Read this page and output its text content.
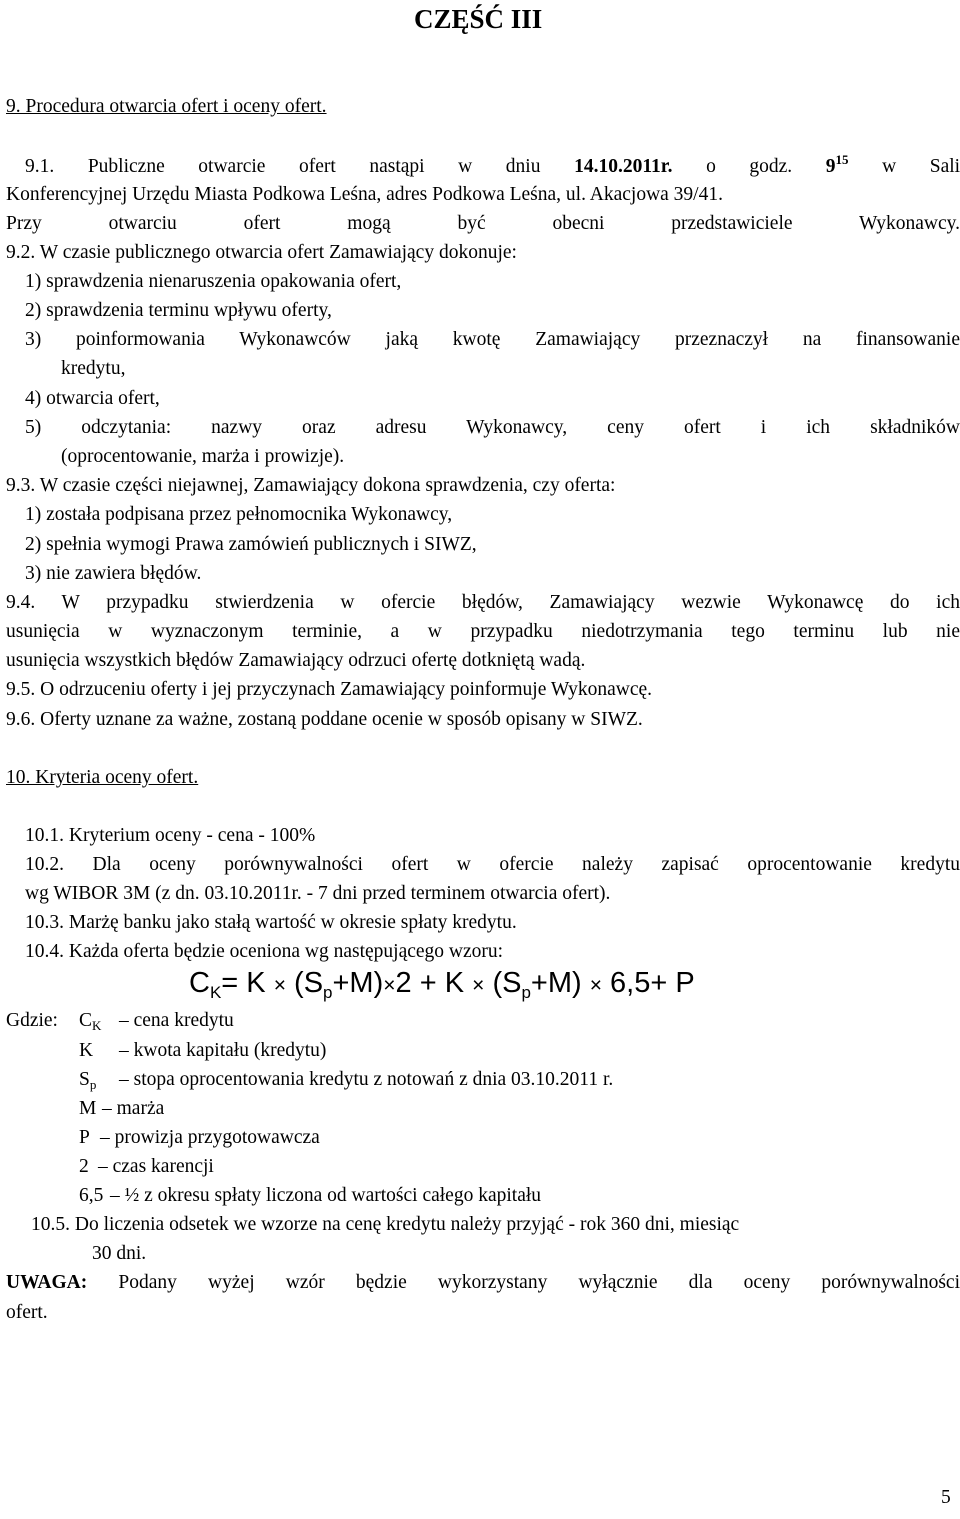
CZĘŚĆ III
9. Procedura otwarcia ofert i oceny ofert.
9.1. Publiczne otwarcie ofert nastąpi w dniu 14.10.2011r. o godz. $9^{15}$ w Sali
Konferencyjnej Urzędu Miasta Podkowa Leśna, adres Podkowa Leśna, ul. Akacjowa 39/41.
Przy otwarciu ofert mogą być obecni przedstawiciele Wykonawcy.
9.2. W czasie publicznego otwarcia ofert Zamawiający dokonuje:
1) sprawdzenia nienaruszenia opakowania ofert,
2) sprawdzenia terminu wpływu oferty,
3) poinformowania Wykonawców jaką kwotę Zamawiający przeznaczył na finansowanie
kredytu,
4) otwarcia ofert,
5) odczytania: nazwy oraz adresu Wykonawcy, ceny ofert i ich składników
(oprocentowanie, marża i prowizje).
9.3. W czasie części niejawnej, Zamawiający dokona sprawdzenia, czy oferta:
1) została podpisana przez pełnomocnika Wykonawcy,
2) spełnia wymogi Prawa zamówień publicznych i SIWZ,
3) nie zawiera błędów.
9.4. W przypadku stwierdzenia w ofercie błędów, Zamawiający wezwie Wykonawcę do ich
usunięcia w wyznaczonym terminie, a w przypadku niedotrzymania tego terminu lub nie
usunięcia wszystkich błędów Zamawiający odrzuci ofertę dotkniętą wadą.
9.5. O odrzuceniu oferty i jej przyczynach Zamawiający poinformuje Wykonawcę.
9.6. Oferty uznane za ważne, zostaną poddane ocenie w sposób opisany w SIWZ.
10. Kryteria oceny ofert.
10.1. Kryterium oceny - cena - 100%
10.2. Dla oceny porównywalności ofert w ofercie należy zapisać oprocentowanie kredytu
wg WIBOR 3M (z dn. 03.10.2011r. - 7 dni przed terminem otwarcia ofert).
10.3. Marżę banku jako stałą wartość w okresie spłaty kredytu.
10.4. Każda oferta będzie oceniona wg następującego wzoru:
$C_K= K \times (S_p+M)\times 2 + K \times (S_p+M) \times 6,5+ P$
Gdzie: $C_K$ – cena kredytu
K – kwota kapitału (kredytu)
$S_p$ – stopa oprocentowania kredytu z notowań z dnia 03.10.2011 r.
M – marża
P – prowizja przygotowawcza
2 – czas karencji
6,5 – ½ z okresu spłaty liczona od wartości całego kapitału
10.5. Do liczenia odsetek we wzorze na cenę kredytu należy przyjąć - rok 360 dni, miesiąc
30 dni.
UWAGA: Podany wyżej wzór będzie wykorzystany wyłącznie dla oceny porównywalności
ofert.
5
